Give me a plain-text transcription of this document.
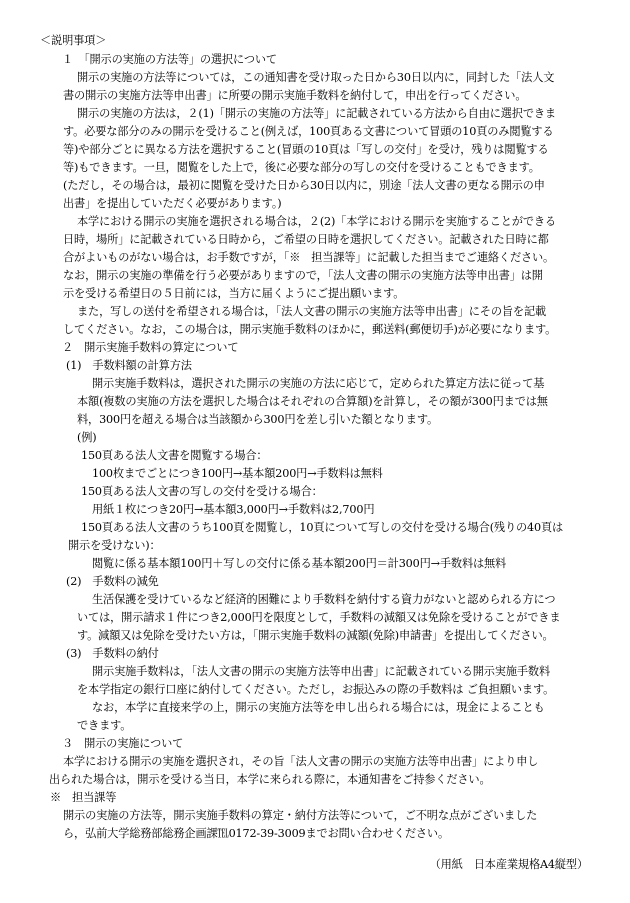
＜説明事項＞

１　「開示の実施の方法等」の選択について

開示の実施の方法等については，この通知書を受け取った日から30日以内に，同封した「法人文

書の開示の実施方法等申出書」に所要の開示実施手数料を納付して，申出を行ってください。

開示の実施の方法は，２(1)「開示の実施の方法等」に記載されている方法から自由に選択できま

す。必要な部分のみの開示を受けること(例えば，100頁ある文書について冒頭の10頁のみ閲覧する

等)や部分ごとに異なる方法を選択すること(冒頭の10頁は「写しの交付」を受け，残りは閲覧する

等)もできます。一旦，閲覧をした上で，後に必要な部分の写しの交付を受けることもできます。

(ただし，その場合は，最初に閲覧を受けた日から30日以内に，別途「法人文書の更なる開示の申

出書」を提出していただく必要があります。)

本学における開示の実施を選択される場合は，２(2)「本学における開示を実施することができる

日時，場所」に記載されている日時から，ご希望の日時を選択してください。記載された日時に都

合がよいものがない場合は，お手数ですが，「※　担当課等」に記載した担当までご連絡ください。

なお，開示の実施の準備を行う必要がありますので，「法人文書の開示の実施方法等申出書」は開

示を受ける希望日の５日前には，当方に届くようにご提出願います。

また，写しの送付を希望される場合は，「法人文書の開示の実施方法等申出書」にその旨を記載

してください。なお，この場合は，開示実施手数料のほかに，郵送料(郵便切手)が必要になります。

２　開示実施手数料の算定について

(1)　手数料額の計算方法

開示実施手数料は，選択された開示の実施の方法に応じて，定められた算定方法に従って基

本額(複数の実施の方法を選択した場合はそれぞれの合算額)を計算し，その額が300円までは無

料，300円を超える場合は当該額から300円を差し引いた額となります。

(例)

150頁ある法人文書を閲覧する場合：

100枚までごとにつき100円→基本額200円→手数料は無料

150頁ある法人文書の写しの交付を受ける場合：

用紙１枚につき20円→基本額3,000円→手数料は2,700円

150頁ある法人文書のうち100頁を閲覧し，10頁について写しの交付を受ける場合(残りの40頁は

開示を受けない)：

閲覧に係る基本額100円＋写しの交付に係る基本額200円＝計300円→手数料は無料

(2)　手数料の減免

生活保護を受けているなど経済的困難により手数料を納付する資力がないと認められる方につ

いては，開示請求１件につき2,000円を限度として，手数料の減額又は免除を受けることができま

す。減額又は免除を受けたい方は，「開示実施手数料の減額(免除)申請書」を提出してください。

(3)　手数料の納付

開示実施手数料は，「法人文書の開示の実施方法等申出書」に記載されている開示実施手数料

を本学指定の銀行口座に納付してください。ただし，お振込みの際の手数料は ご負担願います。

なお，本学に直接来学の上，開示の実施方法等を申し出られる場合には，現金によることも

できます。

３　開示の実施について

本学における開示の実施を選択され，その旨「法人文書の開示の実施方法等申出書」により申し

出られた場合は，開示を受ける当日，本学に来られる際に，本通知書をご持参ください。

※　担当課等

開示の実施の方法等，開示実施手数料の算定・納付方法等について，ご不明な点がございました

ら，弘前大学総務部総務企画課℡0172-39-3009までお問い合わせください。

（用紙　日本産業規格A4縦型）
